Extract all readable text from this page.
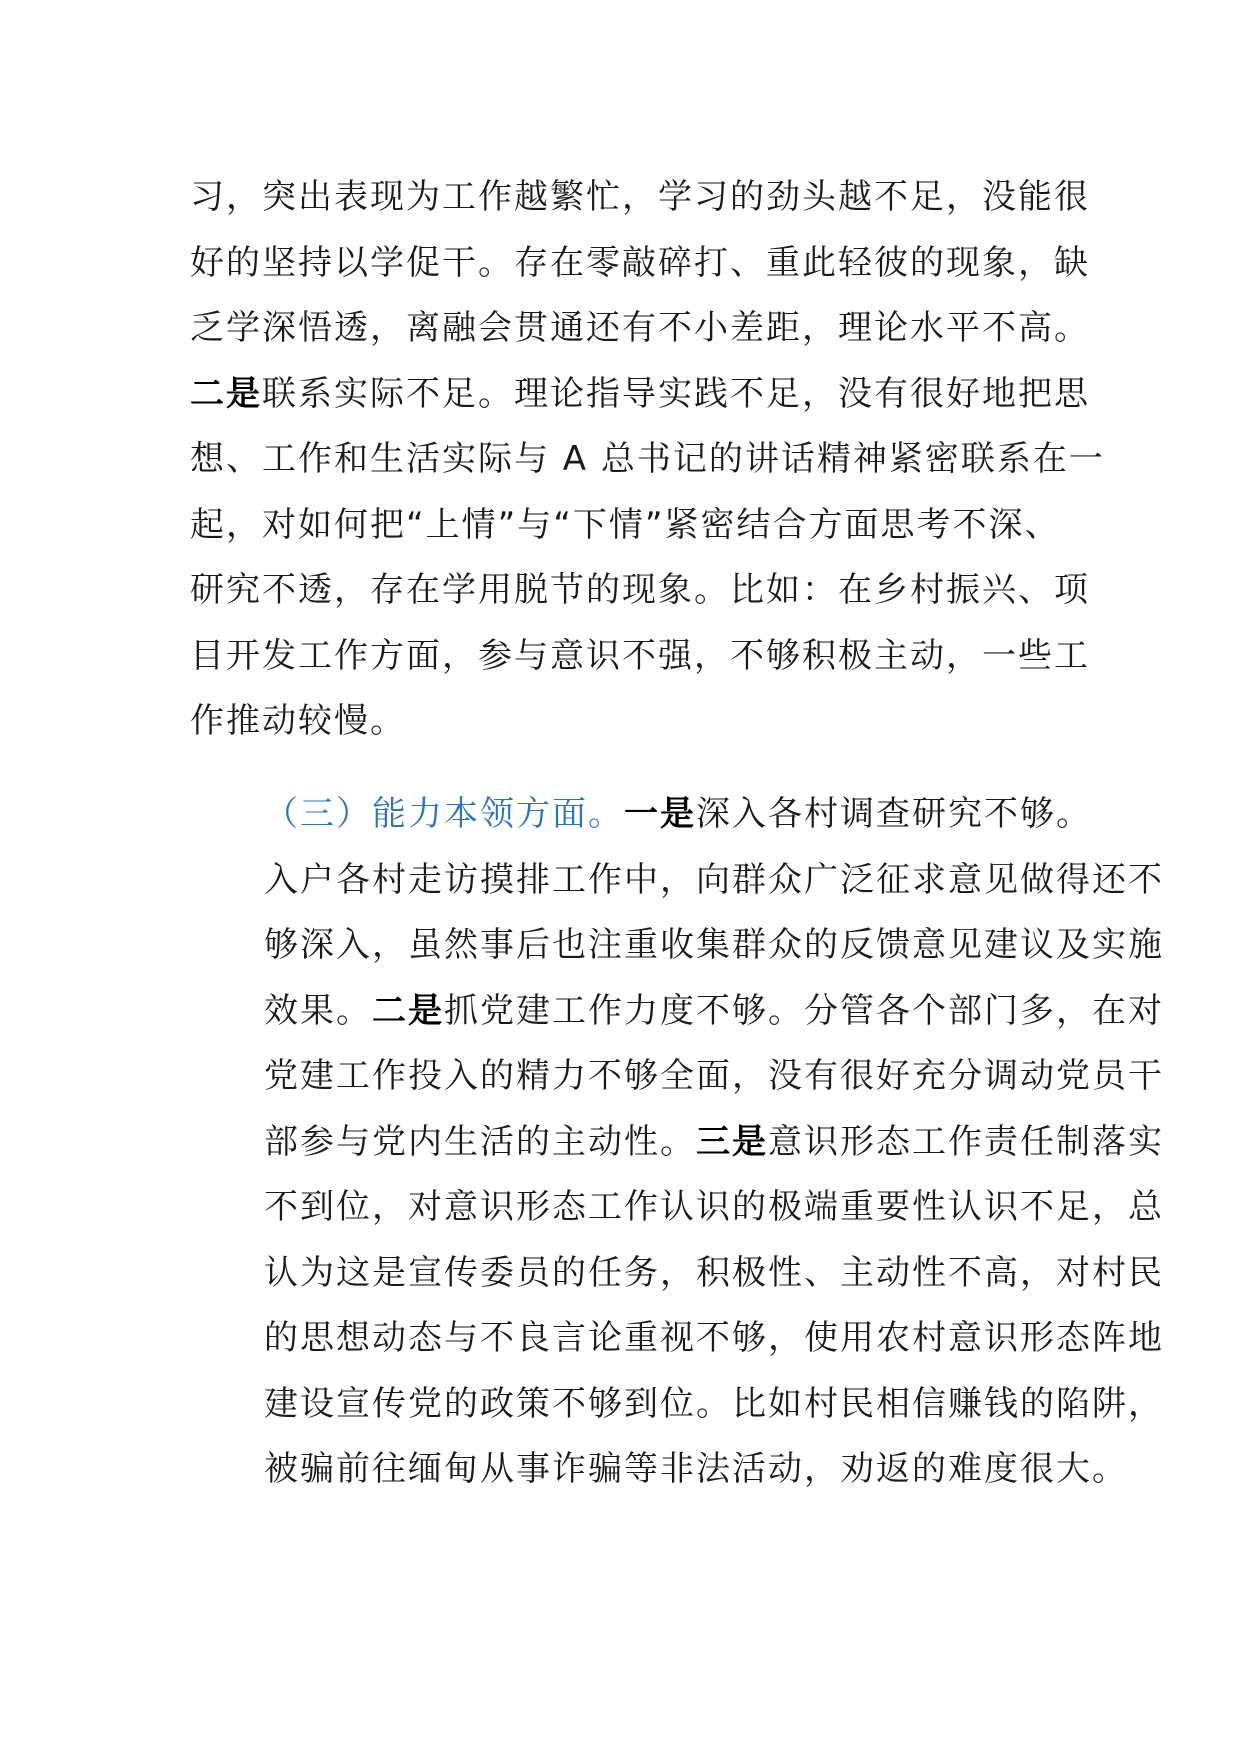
习，突出表现为工作越繁忙，学习的劲头越不足，没能很
好的坚持以学促干。存在零敲碎打、重此轻彼的现象，缺
乏学深悟透，离融会贯通还有不小差距，理论水平不高。
二是联系实际不足。理论指导实践不足，没有很好地把思
想、工作和生活实际与 A 总书记的讲话精神紧密联系在一
起，对如何把“上情”与“下情”紧密结合方面思考不深、
研究不透，存在学用脱节的现象。比如：在乡村振兴、项
目开发工作方面，参与意识不强，不够积极主动，一些工
作推动较慢。
（三）能力本领方面。一是深入各村调查研究不够。
入户各村走访摸排工作中，向群众广泛征求意见做得还不
够深入，虽然事后也注重收集群众的反馈意见建议及实施
效果。二是抓党建工作力度不够。分管各个部门多，在对
党建工作投入的精力不够全面，没有很好充分调动党员干
部参与党内生活的主动性。三是意识形态工作责任制落实
不到位，对意识形态工作认识的极端重要性认识不足，总
认为这是宣传委员的任务，积极性、主动性不高，对村民
的思想动态与不良言论重视不够，使用农村意识形态阵地
建设宣传党的政策不够到位。比如村民相信赚钱的陷阱，
被骗前往缅甸从事诈骗等非法活动，劝返的难度很大。
